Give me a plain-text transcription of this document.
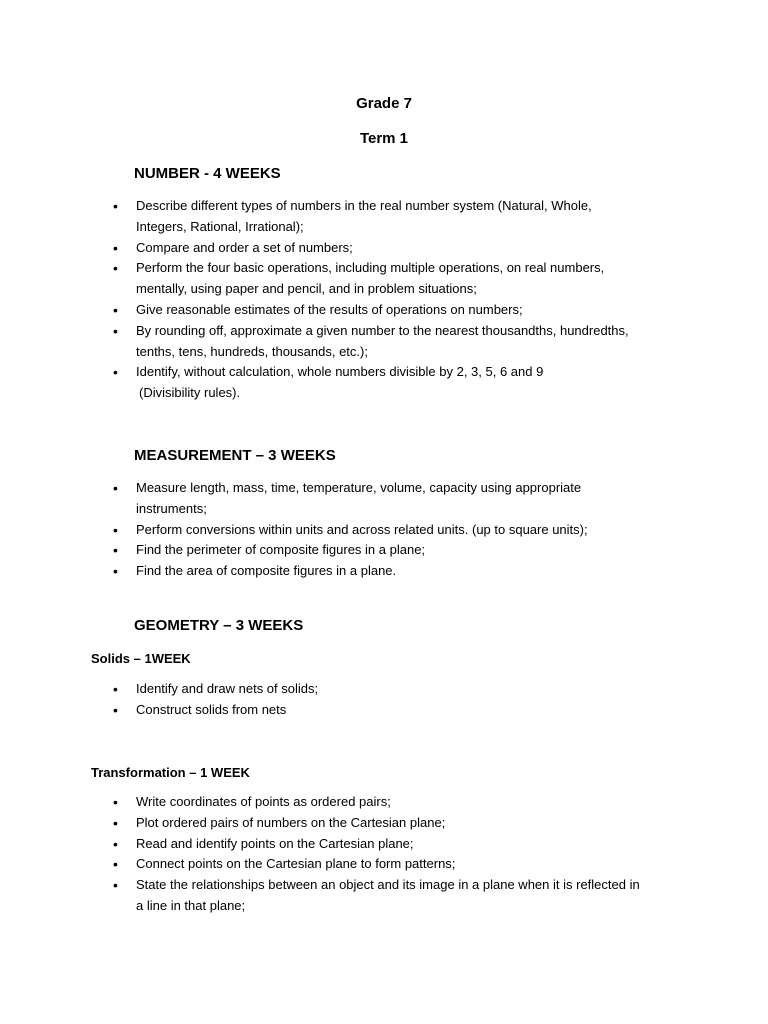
Grade 7
Term 1
NUMBER - 4 WEEKS
• Describe different types of numbers in the real number system (Natural, Whole,
Integers, Rational, Irrational);
• Compare and order a set of numbers;
• Perform the four basic operations, including multiple operations, on real numbers,
mentally, using paper and pencil, and in problem situations;
• Give reasonable estimates of the results of operations on numbers;
• By rounding off, approximate a given number to the nearest thousandths, hundredths,
tenths, tens, hundreds, thousands, etc.);
• Identify, without calculation, whole numbers divisible by 2, 3, 5, 6 and 9
(Divisibility rules).
MEASUREMENT – 3 WEEKS
• Measure length, mass, time, temperature, volume, capacity using appropriate
instruments;
• Perform conversions within units and across related units. (up to square units);
• Find the perimeter of composite figures in a plane;
• Find the area of composite figures in a plane.
GEOMETRY – 3 WEEKS
Solids – 1WEEK
• Identify and draw nets of solids;
• Construct solids from nets
Transformation – 1 WEEK
• Write coordinates of points as ordered pairs;
• Plot ordered pairs of numbers on the Cartesian plane;
• Read and identify points on the Cartesian plane;
• Connect points on the Cartesian plane to form patterns;
• State the relationships between an object and its image in a plane when it is reflected in
a line in that plane;
